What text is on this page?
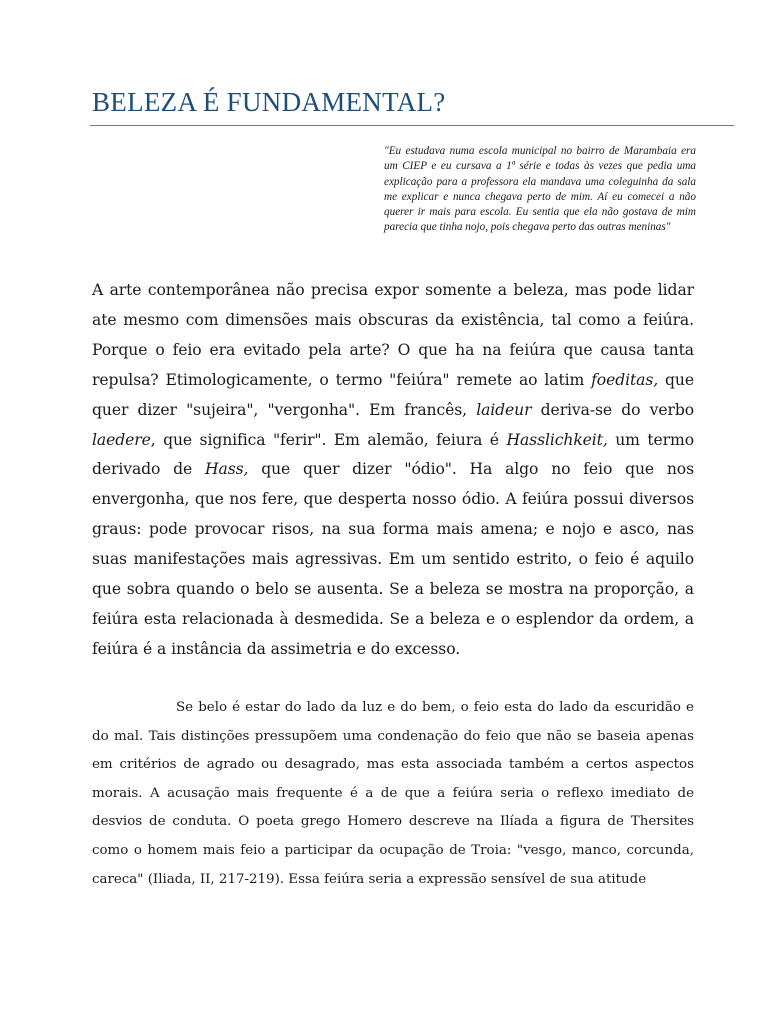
BELEZA É FUNDAMENTAL?

"Eu estudava numa escola municipal no bairro de Marambaia era um CIEP e eu cursava a 1ª série e todas às vezes que pedia uma explicação para a professora ela mandava uma coleguinha da sala me explicar e nunca chegava perto de mim. Aí eu comecei a não querer ir mais para escola. Eu sentia que ela não gostava de mim parecia que tinha nojo, pois chegava perto das outras meninas"

A arte contemporânea não precisa expor somente a beleza, mas pode lidar ate mesmo com dimensões mais obscuras da existência, tal como a feiúra. Porque o feio era evitado pela arte? O que ha na feiúra que causa tanta repulsa? Etimologicamente, o termo "feiúra" remete ao latim foeditas, que quer dizer "sujeira", "vergonha". Em francês, laideur deriva-se do verbo laedere, que significa "ferir". Em alemão, feiura é Hasslichkeit, um termo derivado de Hass, que quer dizer "ódio". Ha algo no feio que nos envergonha, que nos fere, que desperta nosso ódio. A feiúra possui diversos graus: pode provocar risos, na sua forma mais amena; e nojo e asco, nas suas manifestações mais agressivas. Em um sentido estrito, o feio é aquilo que sobra quando o belo se ausenta. Se a beleza se mostra na proporção, a feiúra esta relacionada à desmedida. Se a beleza e o esplendor da ordem, a feiúra é a instância da assimetria e do excesso.

Se belo é estar do lado da luz e do bem, o feio esta do lado da escuridão e do mal. Tais distinções pressupõem uma condenação do feio que não se baseia apenas em critérios de agrado ou desagrado, mas esta associada também a certos aspectos morais. A acusação mais frequente é a de que a feiúra seria o reflexo imediato de desvios de conduta. O poeta grego Homero descreve na Ilíada a figura de Thersites como o homem mais feio a participar da ocupação de Troia: "vesgo, manco, corcunda, careca" (Iliada, II, 217-219). Essa feiúra seria a expressão sensível de sua atitude
